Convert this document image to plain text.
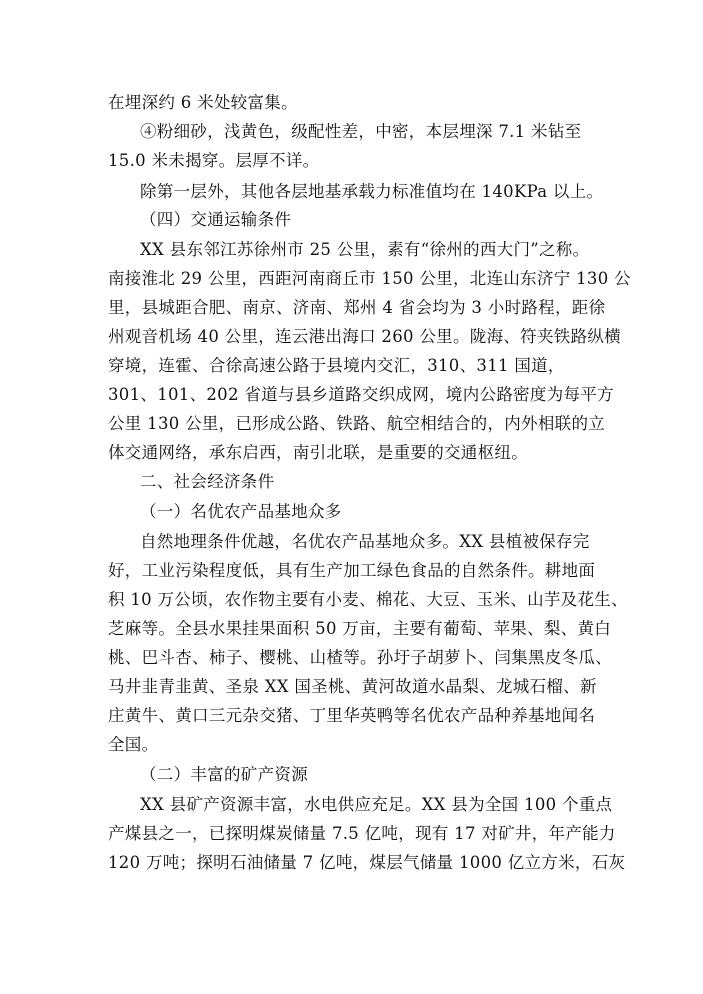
在埋深约 6 米处较富集。
④粉细砂，浅黄色，级配性差，中密，本层埋深 7.1 米钻至
15.0 米未揭穿。层厚不详。
除第一层外，其他各层地基承载力标准值均在 140KPa 以上。
（四）交通运输条件
XX 县东邻江苏徐州市 25 公里，素有“徐州的西大门”之称。
南接淮北 29 公里，西距河南商丘市 150 公里，北连山东济宁 130 公
里，县城距合肥、南京、济南、郑州 4 省会均为 3 小时路程，距徐
州观音机场 40 公里，连云港出海口 260 公里。陇海、符夹铁路纵横
穿境，连霍、合徐高速公路于县境内交汇，310、311 国道，
301、101、202 省道与县乡道路交织成网，境内公路密度为每平方
公里 130 公里，已形成公路、铁路、航空相结合的，内外相联的立
体交通网络，承东启西，南引北联，是重要的交通枢纽。
二、社会经济条件
（一）名优农产品基地众多
自然地理条件优越，名优农产品基地众多。XX 县植被保存完
好，工业污染程度低，具有生产加工绿色食品的自然条件。耕地面
积 10 万公顷，农作物主要有小麦、棉花、大豆、玉米、山芋及花生、
芝麻等。全县水果挂果面积 50 万亩，主要有葡萄、苹果、梨、黄白
桃、巴斗杏、柿子、樱桃、山楂等。孙圩子胡萝卜、闫集黑皮冬瓜、
马井韭青韭黄、圣泉 XX 国圣桃、黄河故道水晶梨、龙城石榴、新
庄黄牛、黄口三元杂交猪、丁里华英鸭等名优农产品种养基地闻名
全国。
（二）丰富的矿产资源
XX 县矿产资源丰富，水电供应充足。XX 县为全国 100 个重点
产煤县之一，已探明煤炭储量 7.5 亿吨，现有 17 对矿井，年产能力
120 万吨；探明石油储量 7 亿吨，煤层气储量 1000 亿立方米，石灰
